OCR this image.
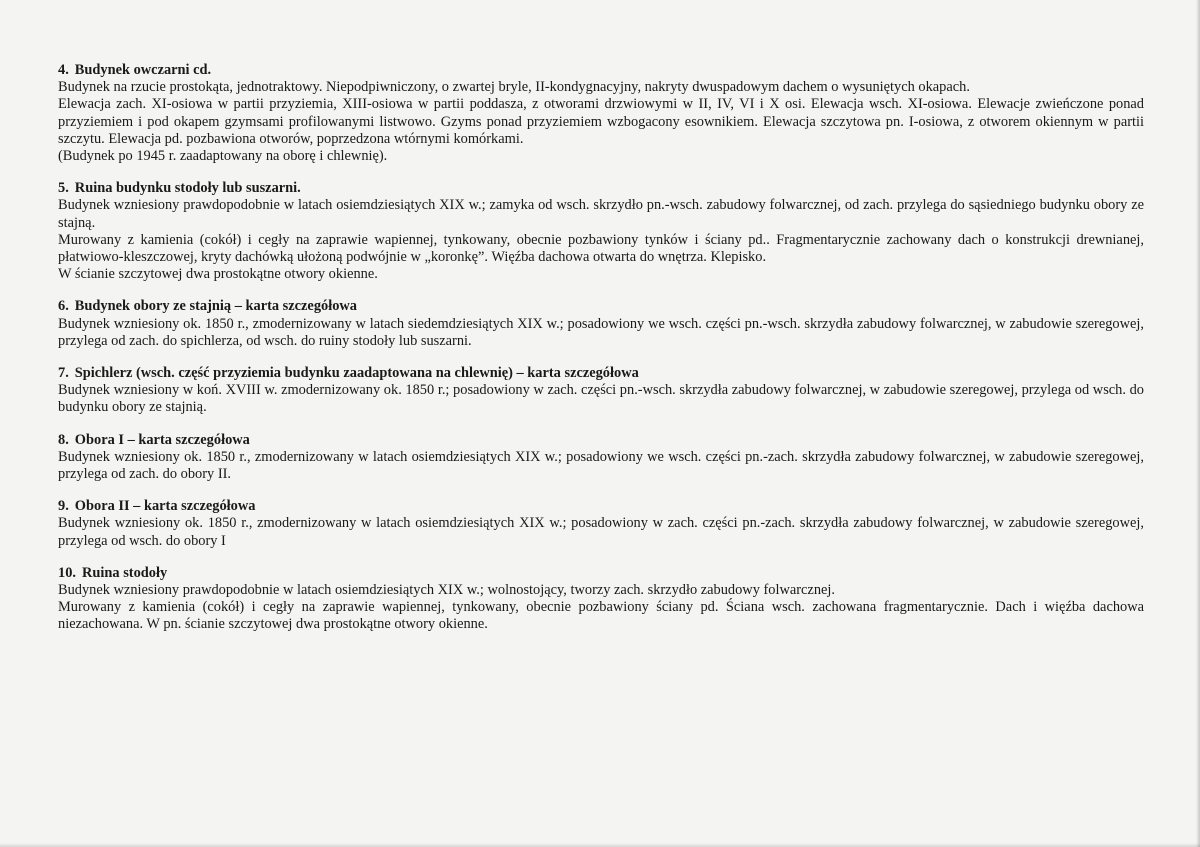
4. Budynek owczarni cd.

Budynek na rzucie prostokąta, jednotraktowy. Niepodpiwniczony, o zwartej bryle, II-kondygnacyjny, nakryty dwuspadowym dachem o wysuniętych okapach.

Elewacja zach. XI-osiowa w partii przyziemia, XIII-osiowa w partii poddasza, z otworami drzwiowymi w II, IV, VI i X osi. Elewacja wsch. XI-osiowa. Elewacje zwieńczone ponad przyziemiem i pod okapem gzymsami profilowanymi listwowo. Gzyms ponad przyziemiem wzbogacony esownikiem. Elewacja szczytowa pn. I-osiowa, z otworem okiennym w partii szczytu. Elewacja pd. pozbawiona otworów, poprzedzona wtórnymi komórkami.

(Budynek po 1945 r. zaadaptowany na oborę i chlewnię).

5. Ruina budynku stodoły lub suszarni.

Budynek wzniesiony prawdopodobnie w latach osiemdziesiątych XIX w.; zamyka od wsch. skrzydło pn.-wsch. zabudowy folwarcznej, od zach. przylega do sąsiedniego budynku obory ze stajną.

Murowany z kamienia (cokół) i cegły na zaprawie wapiennej, tynkowany, obecnie pozbawiony tynków i ściany pd.. Fragmentarycznie zachowany dach o konstrukcji drewnianej, płatwiowo-kleszczowej, kryty dachówką ułożoną podwójnie w „koronkę”. Więźba dachowa otwarta do wnętrza. Klepisko.

W ścianie szczytowej dwa prostokątne otwory okienne.

6. Budynek obory ze stajnią – karta szczegółowa

Budynek wzniesiony ok. 1850 r., zmodernizowany w latach siedemdziesiątych XIX w.; posadowiony we wsch. części pn.-wsch. skrzydła zabudowy folwarcznej, w zabudowie szeregowej, przylega od zach. do spichlerza, od wsch. do ruiny stodoły lub suszarni.

7. Spichlerz (wsch. część przyziemia budynku zaadaptowana na chlewnię) – karta szczegółowa

Budynek wzniesiony w koń. XVIII w. zmodernizowany ok. 1850 r.; posadowiony w zach. części pn.-wsch. skrzydła zabudowy folwarcznej, w zabudowie szeregowej, przylega od wsch. do budynku obory ze stajnią.

8. Obora I – karta szczegółowa

Budynek wzniesiony ok. 1850 r., zmodernizowany w latach osiemdziesiątych XIX w.; posadowiony we wsch. części pn.-zach. skrzydła zabudowy folwarcznej, w zabudowie szeregowej, przylega od zach. do obory II.

9. Obora II – karta szczegółowa

Budynek wzniesiony ok. 1850 r., zmodernizowany w latach osiemdziesiątych XIX w.; posadowiony w zach. części pn.-zach. skrzydła zabudowy folwarcznej, w zabudowie szeregowej, przylega od wsch. do obory I

10. Ruina stodoły

Budynek wzniesiony prawdopodobnie w latach osiemdziesiątych XIX w.; wolnostojący, tworzy zach. skrzydło zabudowy folwarcznej.

Murowany z kamienia (cokół) i cegły na zaprawie wapiennej, tynkowany, obecnie pozbawiony ściany pd. Ściana wsch. zachowana fragmentarycznie. Dach i więźba dachowa niezachowana. W pn. ścianie szczytowej dwa prostokątne otwory okienne.
